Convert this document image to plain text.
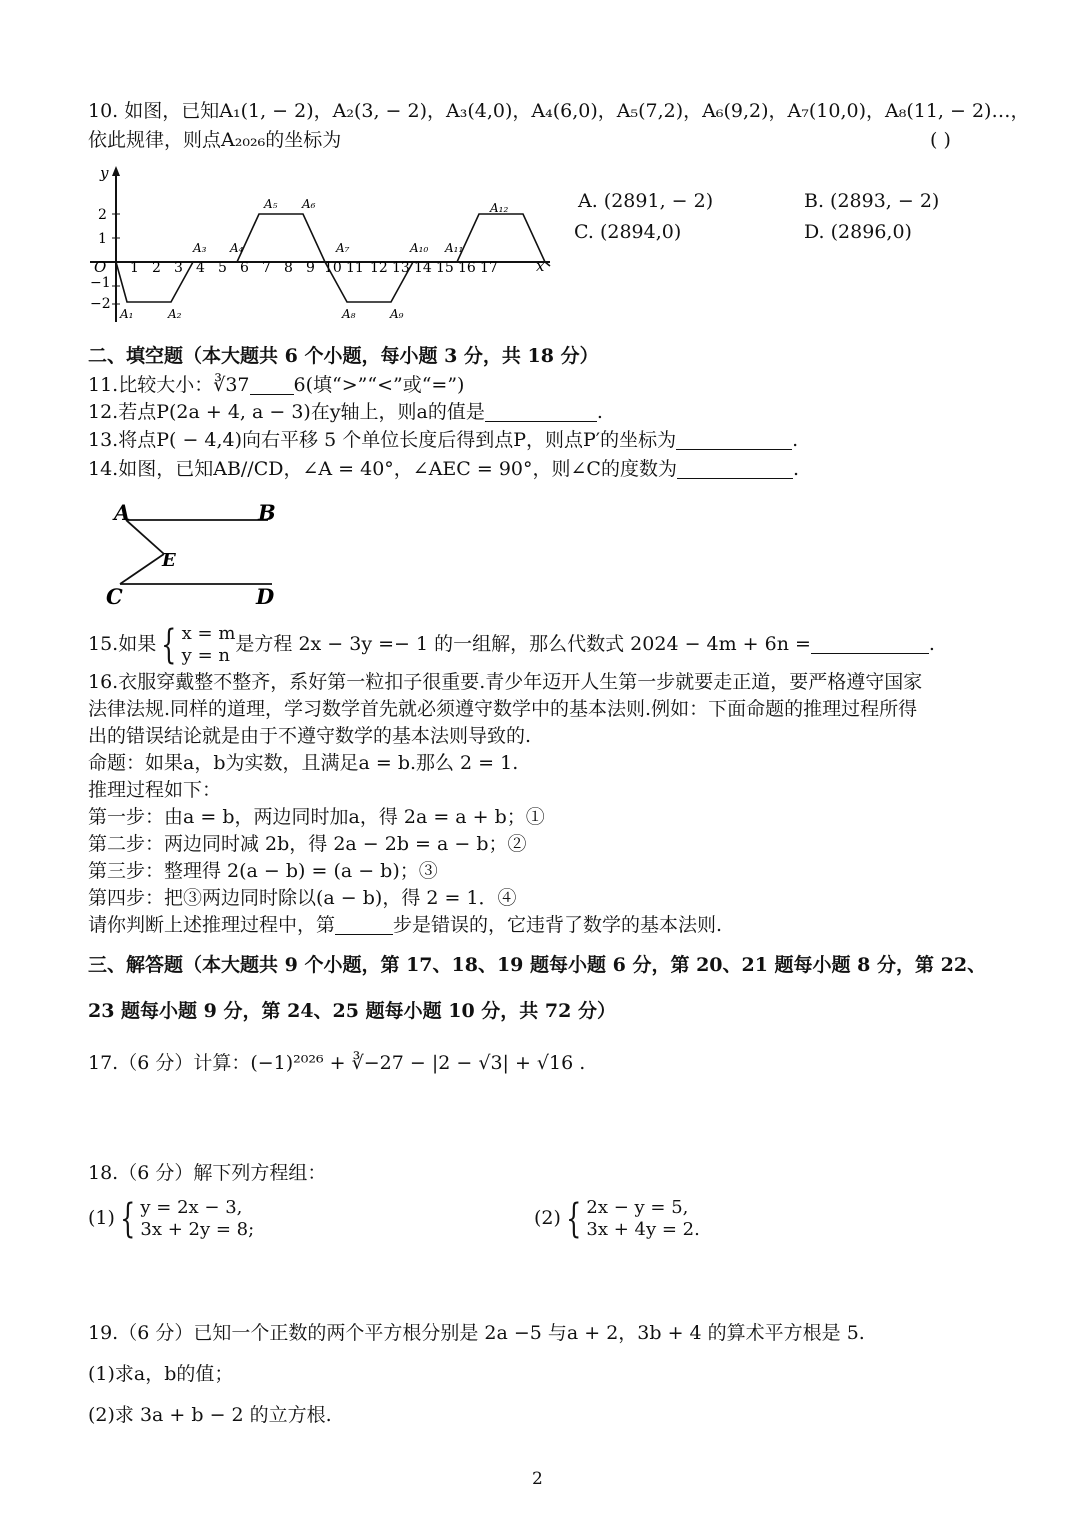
10. 如图，已知A₁(1, − 2)，A₂(3, − 2)，A₃(4,0)，A₄(6,0)，A₅(7,2)，A₆(9,2)，A₇(10,0)，A₈(11, − 2)…，
依此规律，则点A₂₀₂₆的坐标为	( )
y
x
O
2
1
−1
−2
1 2 3 4 5 6 7 8 9 10 11 12 13 14 15 16 17
A₁	A₂
A₃ A₄
A₅ A₆
A₇
A₈	A₉
A₁₀ A₁₁
A₁₂	A. (2891, − 2)	B. (2893, − 2)
C. (2894,0)	D. (2896,0)
二、填空题（本大题共 6 个小题，每小题 3 分，共 18 分）
11.比较大小：∛37 6(填“>”“<”或“=”)
12.若点P(2a + 4, a − 3)在y轴上，则a的值是	.
13.将点P( − 4,4)向右平移 5 个单位长度后得到点P，则点P′的坐标为	.
14.如图，已知AB//CD，∠A = 40°，∠AEC = 90°，则∠C的度数为	.
A	B
E
C	D
15.如果 { x = m
y = n是方程 2x − 3y =− 1 的一组解，那么代数式 2024 − 4m + 6n =	.
16.衣服穿戴整不整齐，系好第一粒扣子很重要.青少年迈开人生第一步就要走正道，要严格遵守国家
法律法规.同样的道理，学习数学首先就必须遵守数学中的基本法则.例如：下面命题的推理过程所得
出的错误结论就是由于不遵守数学的基本法则导致的.
命题：如果a，b为实数，且满足a = b.那么 2 = 1.
推理过程如下：
第一步：由a = b，两边同时加a，得 2a = a + b；①
第二步：两边同时减 2b，得 2a − 2b = a − b；②
第三步：整理得 2(a − b) = (a − b)；③
第四步：把③两边同时除以(a − b)，得 2 = 1．④
请你判断上述推理过程中，第	步是错误的，它违背了数学的基本法则.
三、解答题（本大题共 9 个小题，第 17、18、19 题每小题 6 分，第 20、21 题每小题 8 分，第 22、
23 题每小题 9 分，第 24、25 题每小题 10 分，共 72 分）
17.（6 分）计算：(−1)²⁰²⁶ + ∛−27 − |2 − √3| + √16 .
18.（6 分）解下列方程组：
(1) { y = 2x − 3,
3x + 2y = 8;
(2) { 2x − y = 5,
3x + 4y = 2.
19.（6 分）已知一个正数的两个平方根分别是 2a −5 与a + 2，3b + 4 的算术平方根是 5.
(1)求a，b的值；
(2)求 3a + b − 2 的立方根.
2
